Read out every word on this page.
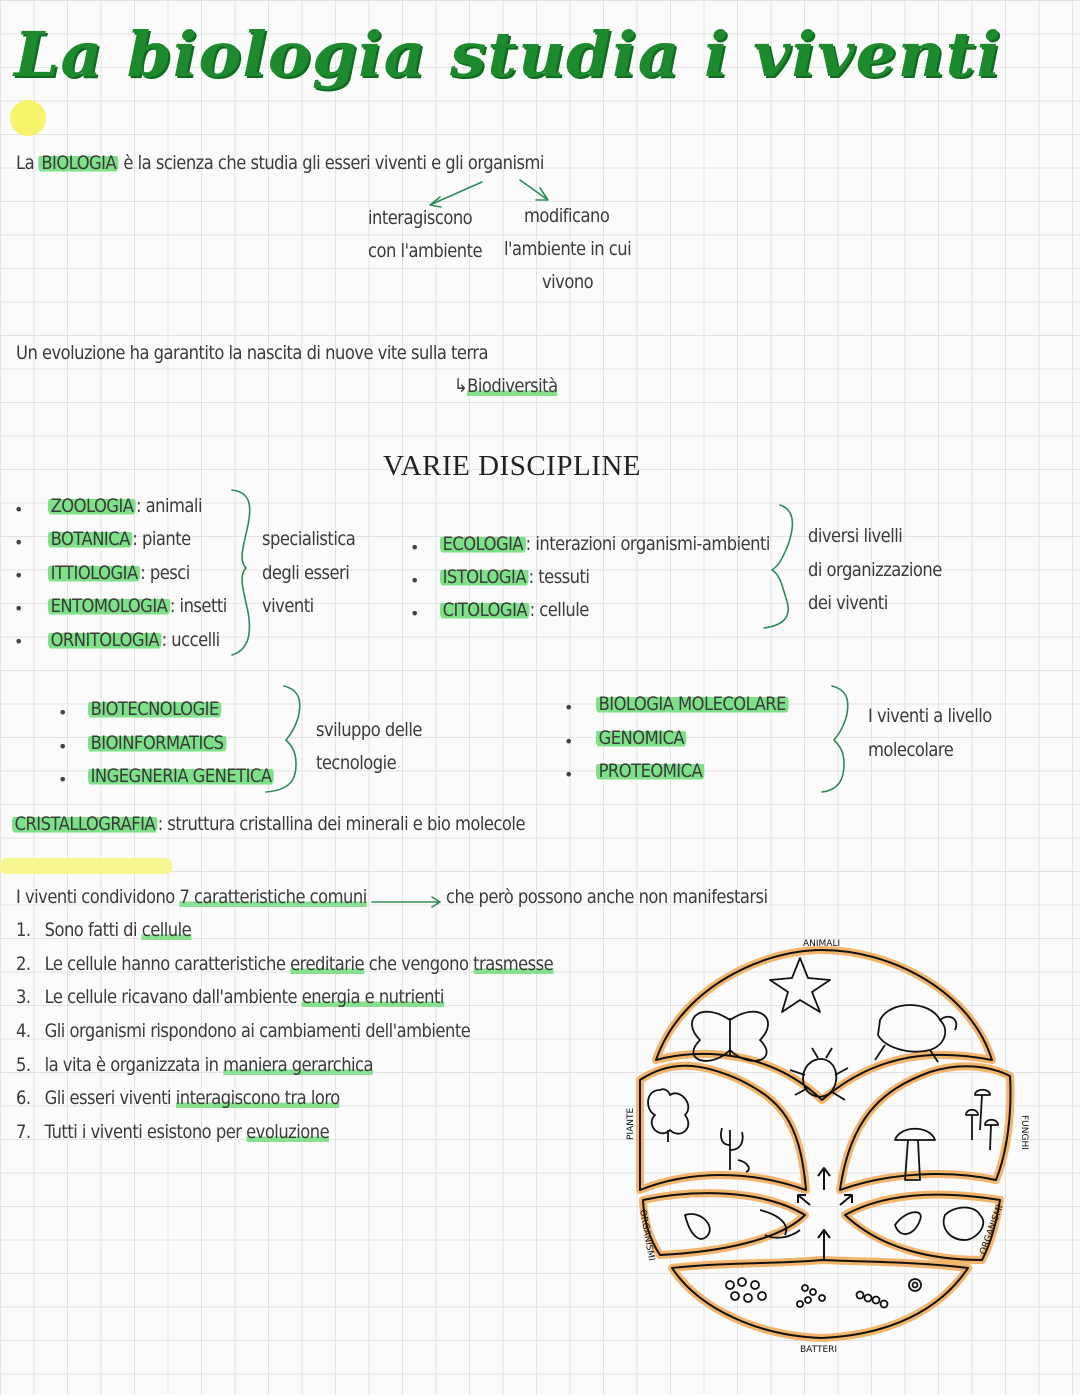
La biologia studia i viventi
La BIOLOGIA è la scienza che studia gli esseri viventi e gli organismi
interagiscono
con l'ambiente
modificano
l'ambiente in cui
vivono
Un evoluzione ha garantito la nascita di nuove vite sulla terra
↳Biodiversità
VARIE DISCIPLINE
•
•
•
•
•
ZOOLOGIA : animali
BOTANICA : piante
ITTIOLOGIA : pesci
ENTOMOLOGIA : insetti
ORNITOLOGIA : uccelli
specialistica
degli esseri
viventi
•
•
•
ECOLOGIA : interazioni organismi-ambienti
ISTOLOGIA : tessuti
CITOLOGIA : cellule
diversi livelli
di organizzazione
dei viventi
•
•
•
BIOTECNOLOGIE
BIOINFORMATICS
INGEGNERIA GENETICA
sviluppo delle
tecnologie
•
•
•
BIOLOGIA MOLECOLARE
GENOMICA
PROTEOMICA
I viventi a livello
molecolare
CRISTALLOGRAFIA : struttura cristallina dei minerali e bio molecole
I viventi condividono 7 caratteristiche comuni	che però possono anche non manifestarsi
1. Sono fatti di cellule
2. Le cellule hanno caratteristiche ereditarie che vengono trasmesse
3. Le cellule ricavano dall'ambiente energia e nutrienti
4. Gli organismi rispondono ai cambiamenti dell'ambiente
5. la vita è organizzata in maniera gerarchica
6. Gli esseri viventi interagiscono tra loro
7. Tutti i viventi esistono per evoluzione
ANIMALI
BATTERI
PIANTE	FUNGHI
ORGANISMI	ORGANISMI
